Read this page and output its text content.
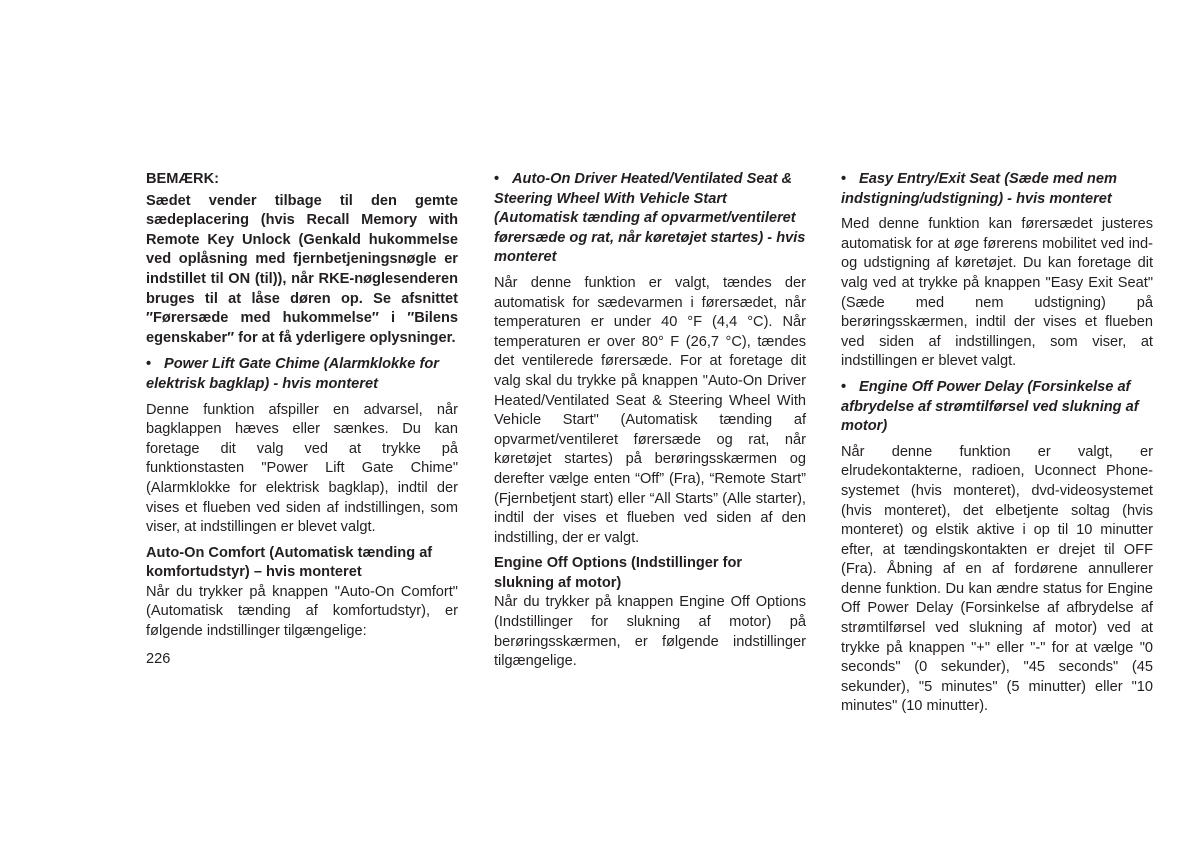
BEMÆRK:

Sædet vender tilbage til den gemte sædeplacering (hvis Recall Memory with Remote Key Unlock (Genkald hukommelse ved oplåsning med fjernbetjeningsnøgle er indstillet til ON (til)), når RKE-nøglesenderen bruges til at låse døren op. Se afsnittet ″Førersæde med hukommelse″ i ″Bilens egenskaber″ for at få yderligere oplysninger.

• Power Lift Gate Chime (Alarmklokke for elektrisk bagklap) - hvis monteret

Denne funktion afspiller en advarsel, når bagklappen hæves eller sænkes. Du kan foretage dit valg ved at trykke på funktionstasten "Power Lift Gate Chime" (Alarmklokke for elektrisk bagklap), indtil der vises et flueben ved siden af indstillingen, som viser, at indstillingen er blevet valgt.

Auto-On Comfort (Automatisk tænding af komfortudstyr) – hvis monteret

Når du trykker på knappen "Auto-On Comfort" (Automatisk tænding af komfortudstyr), er følgende indstillinger tilgængelige:

• Auto-On Driver Heated/Ventilated Seat & Steering Wheel With Vehicle Start (Automatisk tænding af opvarmet/ventileret førersæde og rat, når køretøjet startes) - hvis monteret

Når denne funktion er valgt, tændes der automatisk for sædevarmen i førersædet, når temperaturen er under 40 °F (4,4 °C). Når temperaturen er over 80° F (26,7 °C), tændes det ventilerede førersæde. For at foretage dit valg skal du trykke på knappen "Auto-On Driver Heated/Ventilated Seat & Steering Wheel With Vehicle Start" (Automatisk tænding af opvarmet/ventileret førersæde og rat, når køretøjet startes) på berøringsskærmen og derefter vælge enten “Off” (Fra), “Remote Start” (Fjernbetjent start) eller “All Starts” (Alle starter), indtil der vises et flueben ved siden af den indstilling, der er valgt.

Engine Off Options (Indstillinger for slukning af motor)

Når du trykker på knappen Engine Off Options (Indstillinger for slukning af motor) på berøringsskærmen, er følgende indstillinger tilgængelige.

• Easy Entry/Exit Seat (Sæde med nem indstigning/udstigning) - hvis monteret

Med denne funktion kan førersædet justeres automatisk for at øge førerens mobilitet ved ind- og udstigning af køretøjet. Du kan foretage dit valg ved at trykke på knappen "Easy Exit Seat" (Sæde med nem udstigning) på berøringsskærmen, indtil der vises et flueben ved siden af indstillingen, som viser, at indstillingen er blevet valgt.

• Engine Off Power Delay (Forsinkelse af afbrydelse af strømtilførsel ved slukning af motor)

Når denne funktion er valgt, er elrudekontakterne, radioen, Uconnect Phone-systemet (hvis monteret), dvd-videosystemet (hvis monteret), det elbetjente soltag (hvis monteret) og elstik aktive i op til 10 minutter efter, at tændingskontakten er drejet til OFF (Fra). Åbning af en af fordørene annullerer denne funktion. Du kan ændre status for Engine Off Power Delay (Forsinkelse af afbrydelse af strømtilførsel ved slukning af motor) ved at trykke på knappen "+" eller "-" for at vælge "0 seconds" (0 sekunder), "45 seconds" (45 sekunder), "5 minutes" (5 minutter) eller "10 minutes" (10 minutter).

226
